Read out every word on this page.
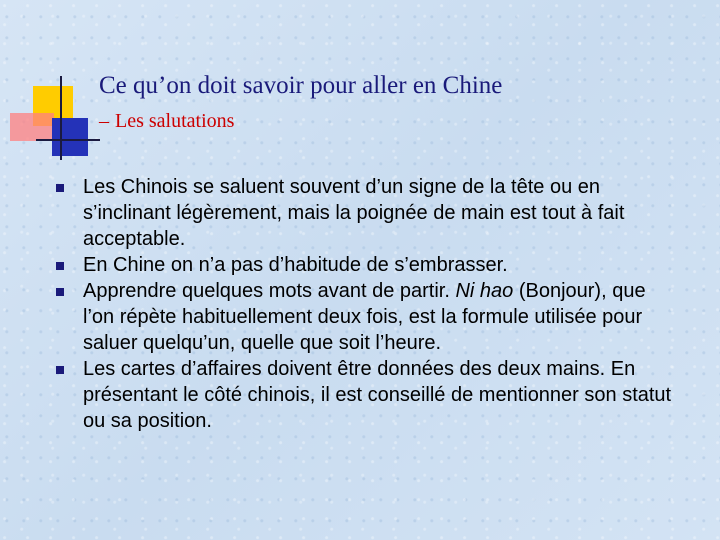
Ce qu’on doit savoir pour aller en Chine
– Les salutations
Les Chinois se saluent souvent d’un signe de la tête ou en s’inclinant légèrement, mais la poignée de main est tout à fait acceptable.
En Chine on n’a pas d’habitude de s’embrasser.
Apprendre quelques mots avant de partir. Ni hao (Bonjour), que l’on répète habituellement deux fois, est la formule utilisée pour saluer quelqu’un, quelle que soit l’heure.
Les cartes d’affaires doivent être données des deux mains. En présentant le côté chinois, il est conseillé de mentionner son statut ou sa position.
